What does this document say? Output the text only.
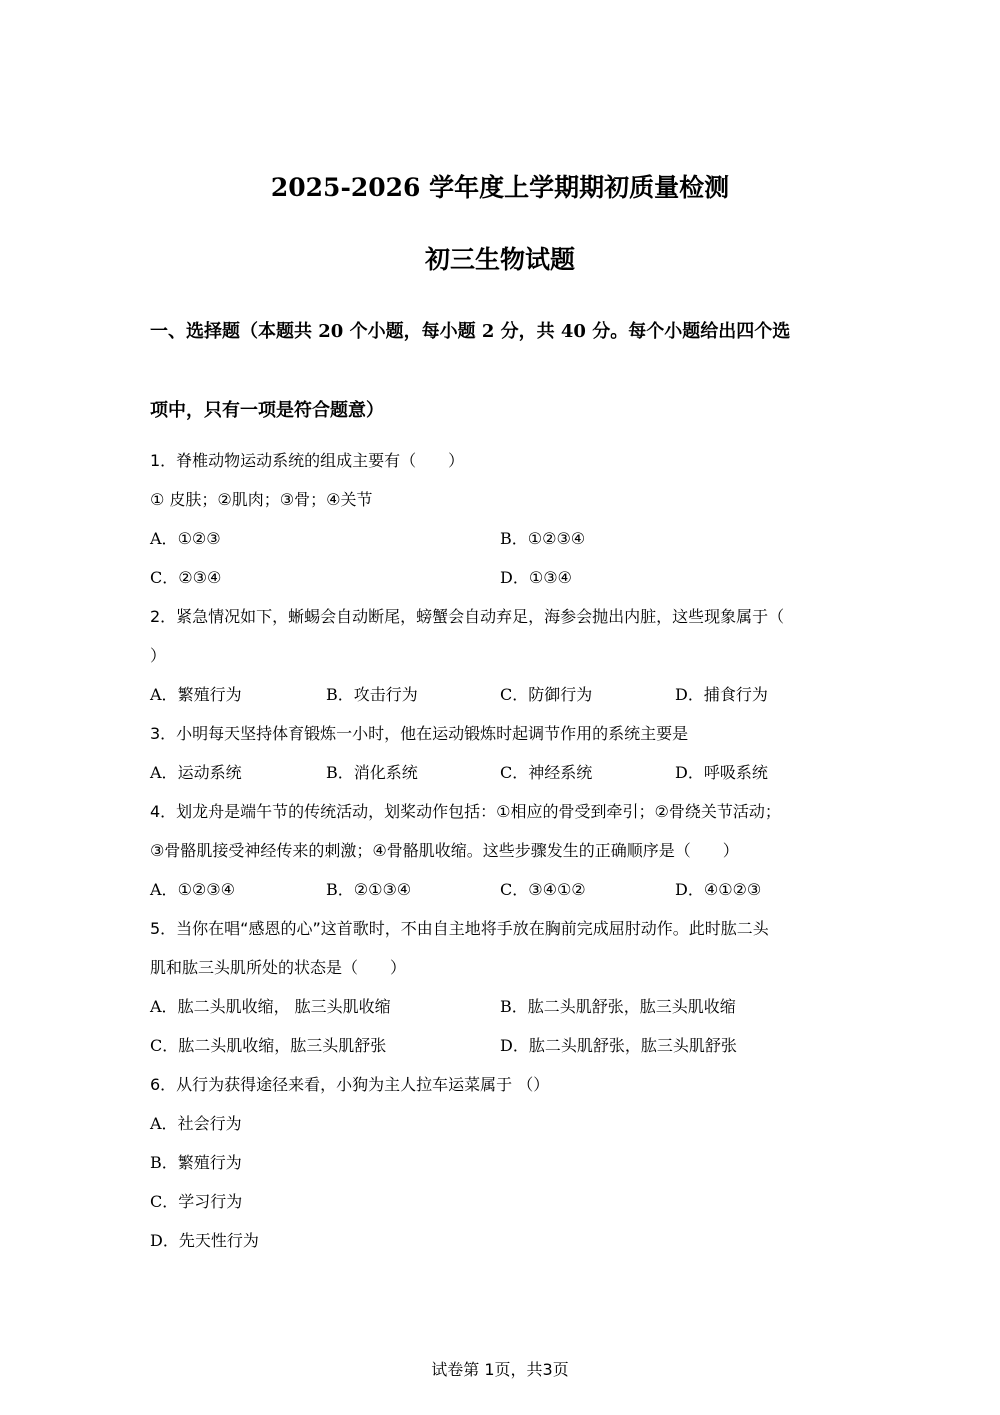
2025-2026 学年度上学期期初质量检测
初三生物试题
一、选择题（本题共 20 个小题，每小题 2 分，共 40 分。每个小题给出四个选
项中，只有一项是符合题意）
1．脊椎动物运动系统的组成主要有（　　）
① 皮肤；②肌肉；③骨；④关节
A．①②③	B．①②③④
C．②③④	D．①③④
2．紧急情况如下，蜥蜴会自动断尾，螃蟹会自动弃足，海参会抛出内脏，这些现象属于（
）
A．繁殖行为	B．攻击行为	C．防御行为	D．捕食行为
3．小明每天坚持体育锻炼一小时，他在运动锻炼时起调节作用的系统主要是
A．运动系统	B．消化系统	C．神经系统	D．呼吸系统
4．划龙舟是端午节的传统活动，划桨动作包括：①相应的骨受到牵引；②骨绕关节活动；
③骨骼肌接受神经传来的刺激；④骨骼肌收缩。这些步骤发生的正确顺序是（　　）
A．①②③④	B．②①③④	C．③④①②	D．④①②③
5．当你在唱“感恩的心”这首歌时，不由自主地将手放在胸前完成屈肘动作。此时肱二头
肌和肱三头肌所处的状态是（　　）
A．肱二头肌收缩， 肱三头肌收缩	B．肱二头肌舒张，肱三头肌收缩
C．肱二头肌收缩，肱三头肌舒张	D．肱二头肌舒张，肱三头肌舒张
6．从行为获得途径来看，小狗为主人拉车运菜属于 （）
A．社会行为
B．繁殖行为
C．学习行为
D．先天性行为
试卷第 1页，共3页
